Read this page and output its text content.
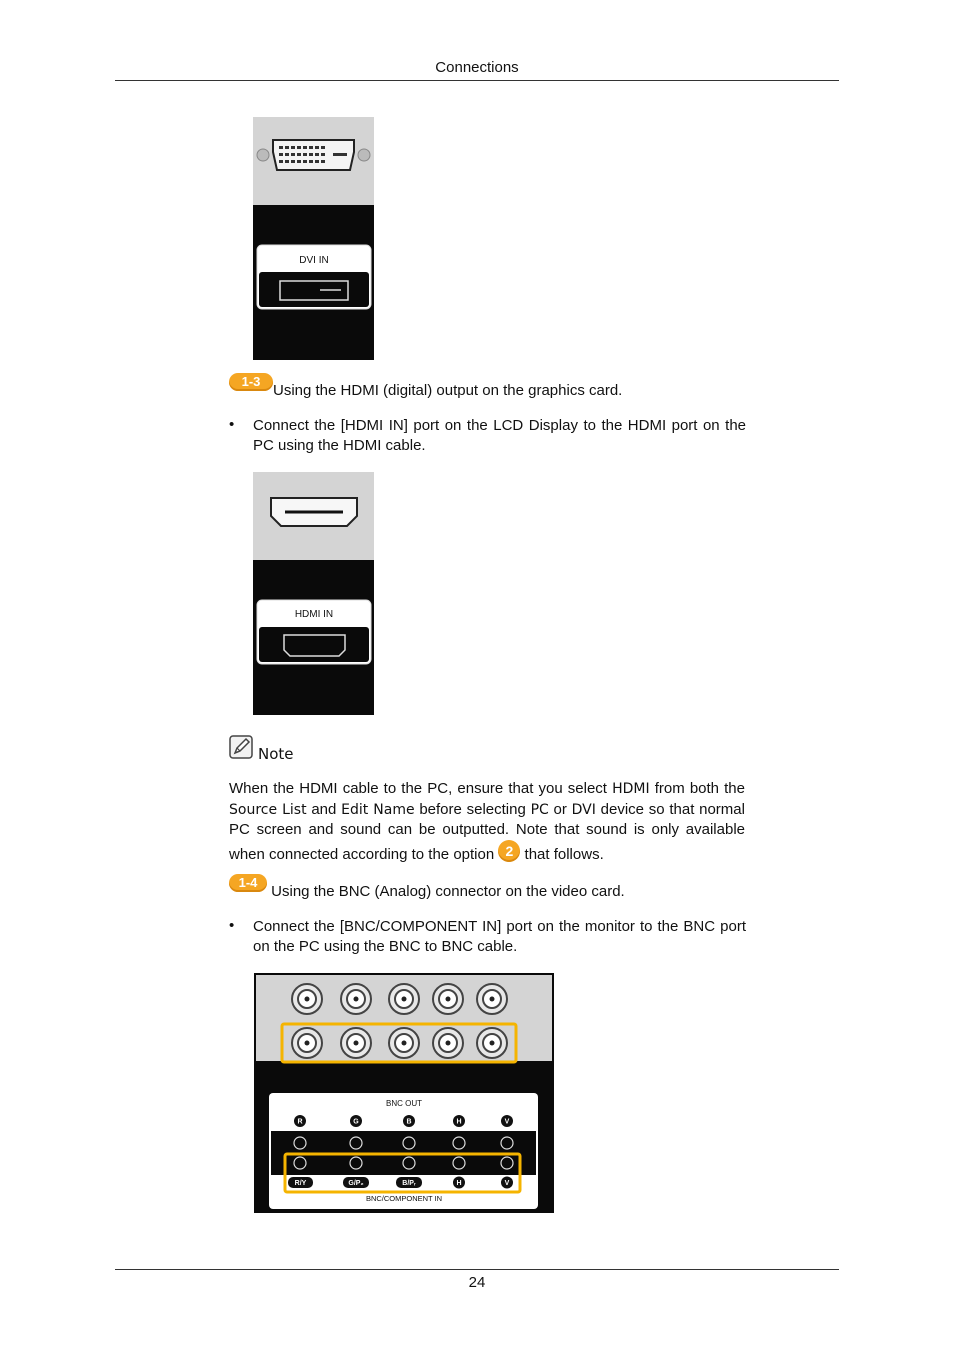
Connections
DVI IN
1-3Using the HDMI (digital) output on the graphics card.
• Connect the [HDMI IN] port on the LCD Display to the HDMI port on the PC using the HDMI cable.
HDMI IN
Note
When the HDMI cable to the PC, ensure that you select HDMI from both the Source List and Edit Name before selecting PC or DVI device so that normal PC screen and sound can be outputted. Note that sound is only available when connected according to the option 2 that follows.
1-4 Using the BNC (Analog) connector on the video card.
• Connect the [BNC/COMPONENT IN] port on the monitor to the BNC port on the PC using the BNC to BNC cable.
BNC OUT
R	G	B	H	V
R/Y	G/P₂	B/Pᵣ	H	V
BNC/COMPONENT IN
24
